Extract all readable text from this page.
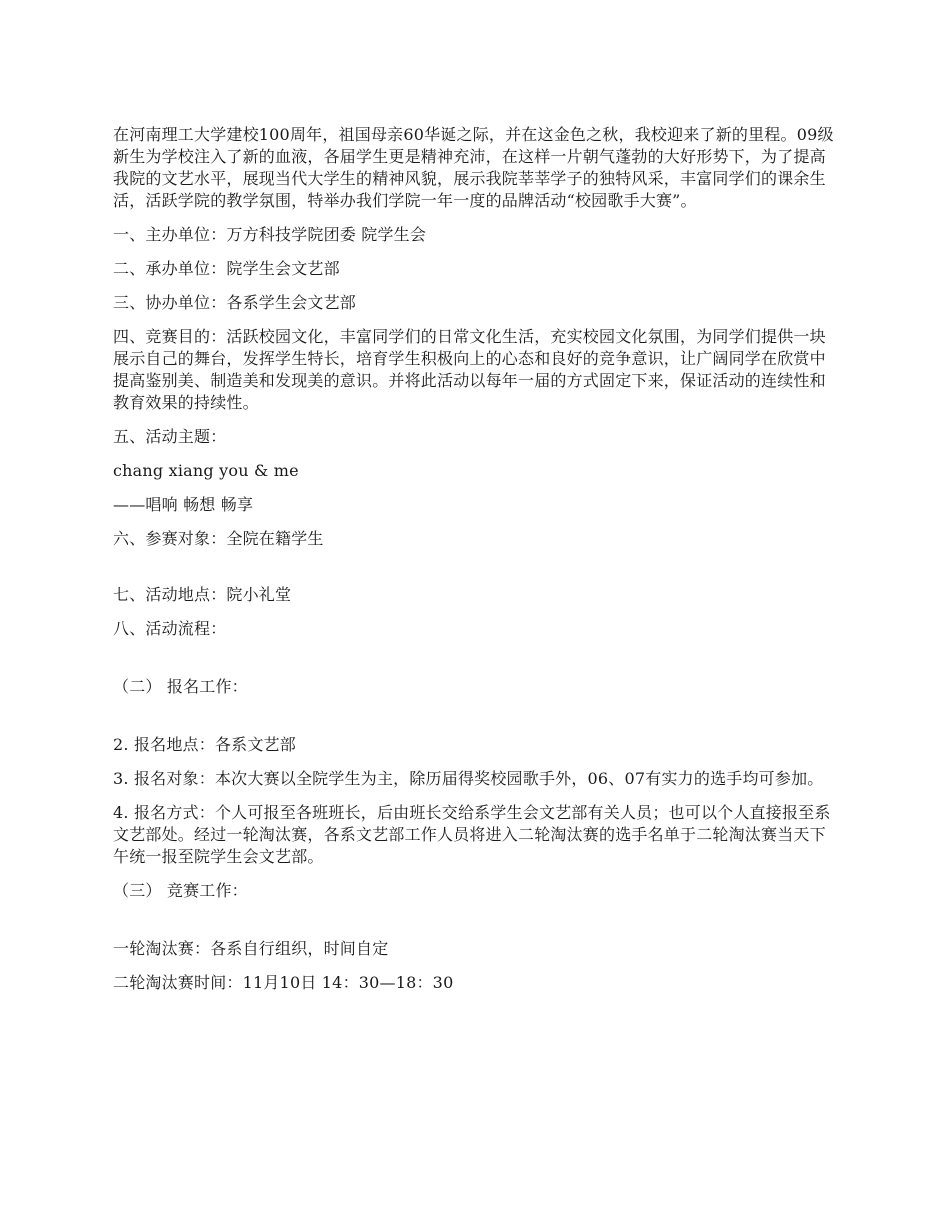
在河南理工大学建校100周年，祖国母亲60华诞之际，并在这金色之秋，我校迎来了新的里程。09级新生为学校注入了新的血液，各届学生更是精神充沛，在这样一片朝气蓬勃的大好形势下，为了提高我院的文艺水平，展现当代大学生的精神风貌，展示我院莘莘学子的独特风采，丰富同学们的课余生活，活跃学院的教学氛围，特举办我们学院一年一度的品牌活动“校园歌手大赛”。

一、主办单位：万方科技学院团委 院学生会

二、承办单位：院学生会文艺部

三、协办单位：各系学生会文艺部

四、竞赛目的：活跃校园文化，丰富同学们的日常文化生活，充实校园文化氛围，为同学们提供一块展示自己的舞台，发挥学生特长，培育学生积极向上的心态和良好的竞争意识，让广阔同学在欣赏中提高鉴别美、制造美和发现美的意识。并将此活动以每年一届的方式固定下来，保证活动的连续性和教育效果的持续性。

五、活动主题：

chang xiang you & me

——唱响 畅想 畅享

六、参赛对象：全院在籍学生

七、活动地点：院小礼堂

八、活动流程：

（二） 报名工作：

2. 报名地点：各系文艺部

3. 报名对象：本次大赛以全院学生为主，除历届得奖校园歌手外，06、07有实力的选手均可参加。

4. 报名方式：个人可报至各班班长，后由班长交给系学生会文艺部有关人员；也可以个人直接报至系文艺部处。经过一轮淘汰赛，各系文艺部工作人员将进入二轮淘汰赛的选手名单于二轮淘汰赛当天下午统一报至院学生会文艺部。

（三） 竞赛工作：

一轮淘汰赛：各系自行组织，时间自定

二轮淘汰赛时间：11月10日 14：30—18：30
